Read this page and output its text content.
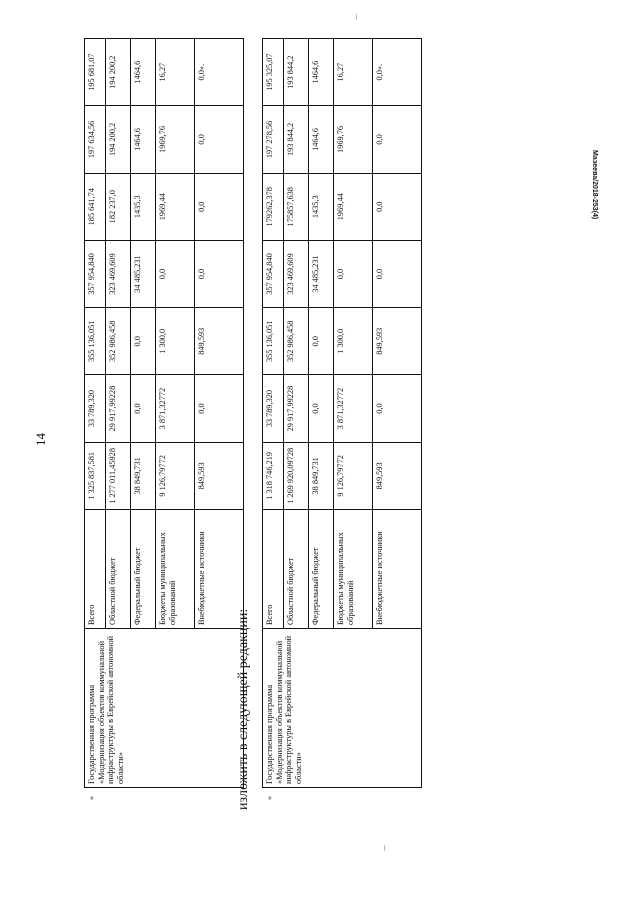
14
Мазеева/2018-253(4)
изложить в следующей редакции:
«	Государственная программа «Модернизация объектов коммунальной инфраструктуры в Еврейской автономной области»	Всего	1 325 837,581	33 789,320	355 136,051	357 954,840	185 641,74	197 634,56	195 681,07
		Областной бюджет	1 277 011,45928	29 917,99228	352 986,458	323 469,609	182 237,0	194 200,2	194 200,2
		Федеральный бюджет	38 849,731	0,0	0,0	34 485,231	1435,3	1464,6	1464,6
		Бюджеты муниципальных образований	9 126,79772	3 871,32772	1 300,0	0,0	1969,44	1969,76	16,27
		Внебюджетные источники	849,593	0,0	849,593	0,0	0,0	0,0	0,0».
«	Государственная программа «Модернизация объектов коммунальной инфраструктуры в Еврейской автономной области»	Всего	1 318 746,219	33 789,320	355 136,051	357 954,840	179262,378	197 278,56	195 325,07
		Областной бюджет	1 269 920,09728	29 917,99228	352 986,458	323 469,609	175857,638	193 844,2	193 844,2
		Федеральный бюджет	38 849,731	0,0	0,0	34 485,231	1435,3	1464,6	1464,6
		Бюджеты муниципальных образований	9 126,79772	3 871,32772	1 300,0	0,0	1969,44	1969,76	16,27
		Внебюджетные источники	849,593	0,0	849,593	0,0	0,0	0,0	0,0».
